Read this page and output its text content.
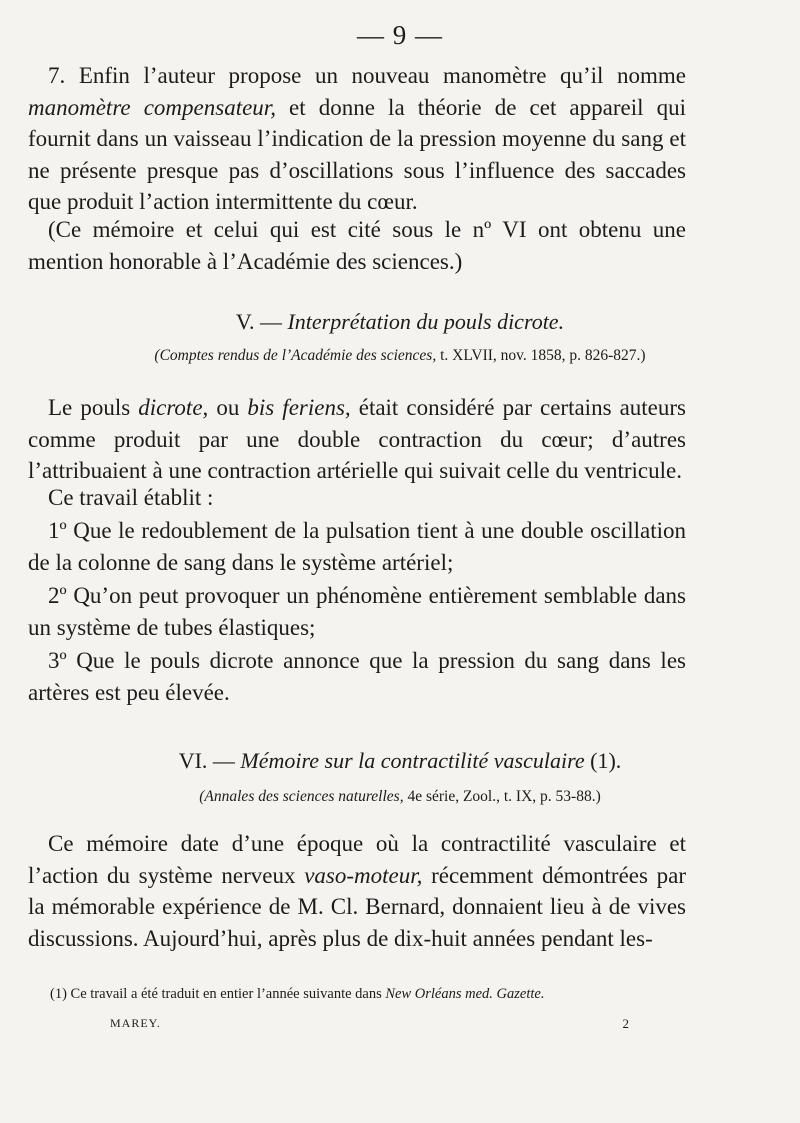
— 9 —

7. Enfin l’auteur propose un nouveau manomètre qu’il nomme manomètre compensateur, et donne la théorie de cet appareil qui fournit dans un vaisseau l’indication de la pression moyenne du sang et ne présente presque pas d’oscillations sous l’influence des saccades que produit l’action intermittente du cœur.

(Ce mémoire et celui qui est cité sous le nº VI ont obtenu une mention honorable à l’Académie des sciences.)

V. — Interprétation du pouls dicrote.
(Comptes rendus de l’Académie des sciences, t. XLVII, nov. 1858, p. 826-827.)

Le pouls dicrote, ou bis feriens, était considéré par certains auteurs comme produit par une double contraction du cœur; d’autres l’attribuaient à une contraction artérielle qui suivait celle du ventricule.

Ce travail établit :

1º Que le redoublement de la pulsation tient à une double oscillation de la colonne de sang dans le système artériel;

2º Qu’on peut provoquer un phénomène entièrement semblable dans un système de tubes élastiques;

3º Que le pouls dicrote annonce que la pression du sang dans les artères est peu élevée.

VI. — Mémoire sur la contractilité vasculaire (1).
(Annales des sciences naturelles, 4e série, Zool., t. IX, p. 53-88.)

Ce mémoire date d’une époque où la contractilité vasculaire et l’action du système nerveux vaso-moteur, récemment démontrées par la mémorable expérience de M. Cl. Bernard, donnaient lieu à de vives discussions. Aujourd’hui, après plus de dix-huit années pendant les-

(1) Ce travail a été traduit en entier l’année suivante dans New Orléans med. Gazette.
MAREY.	2
